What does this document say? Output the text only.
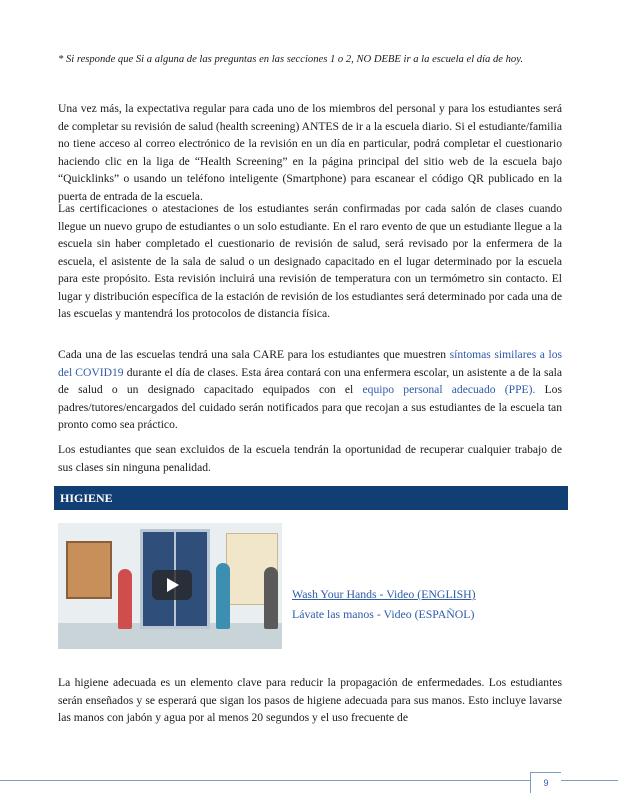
* Si responde que Si a alguna de las preguntas en las secciones 1 o 2, NO DEBE ir a la escuela el día de hoy.

Una vez más, la expectativa regular para cada uno de los miembros del personal y para los estudiantes será de completar su revisión de salud (health screening) ANTES de ir a la escuela diario. Si el estudiante/familia no tiene acceso al correo electrónico de la revisión en un día en particular, podrá completar el cuestionario haciendo clic en la liga de “Health Screening” en la página principal del sitio web de la escuela bajo “Quicklinks” o usando un teléfono inteligente (Smartphone) para escanear el código QR publicado en la puerta de entrada de la escuela.

Las certificaciones o atestaciones de los estudiantes serán confirmadas por cada salón de clases cuando llegue un nuevo grupo de estudiantes o un solo estudiante. En el raro evento de que un estudiante llegue a la escuela sin haber completado el cuestionario de revisión de salud, será revisado por la enfermera de la escuela, el asistente de la sala de salud o un designado capacitado en el lugar determinado por la escuela para este propósito. Esta revisión incluirá una revisión de temperatura con un termómetro sin contacto. El lugar y distribución específica de la estación de revisión de los estudiantes será determinado por cada una de las escuelas y mantendrá los protocolos de distancia física.

Cada una de las escuelas tendrá una sala CARE para los estudiantes que muestren síntomas similares a los del COVID19 durante el día de clases. Esta área contará con una enfermera escolar, un asistente a de la sala de salud o un designado capacitado equipados con el equipo personal adecuado (PPE). Los padres/tutores/encargados del cuidado serán notificados para que recojan a sus estudiantes de la escuela tan pronto como sea práctico.

Los estudiantes que sean excluidos de la escuela tendrán la oportunidad de recuperar cualquier trabajo de sus clases sin ninguna penalidad.

HIGIENE
Wash Your Hands - Video (ENGLISH)
Lávate las manos - Video (ESPAÑOL)

La higiene adecuada es un elemento clave para reducir la propagación de enfermedades. Los estudiantes serán enseñados y se esperará que sigan los pasos de higiene adecuada para sus manos. Esto incluye lavarse las manos con jabón y agua por al menos 20 segundos y el uso frecuente de

9
